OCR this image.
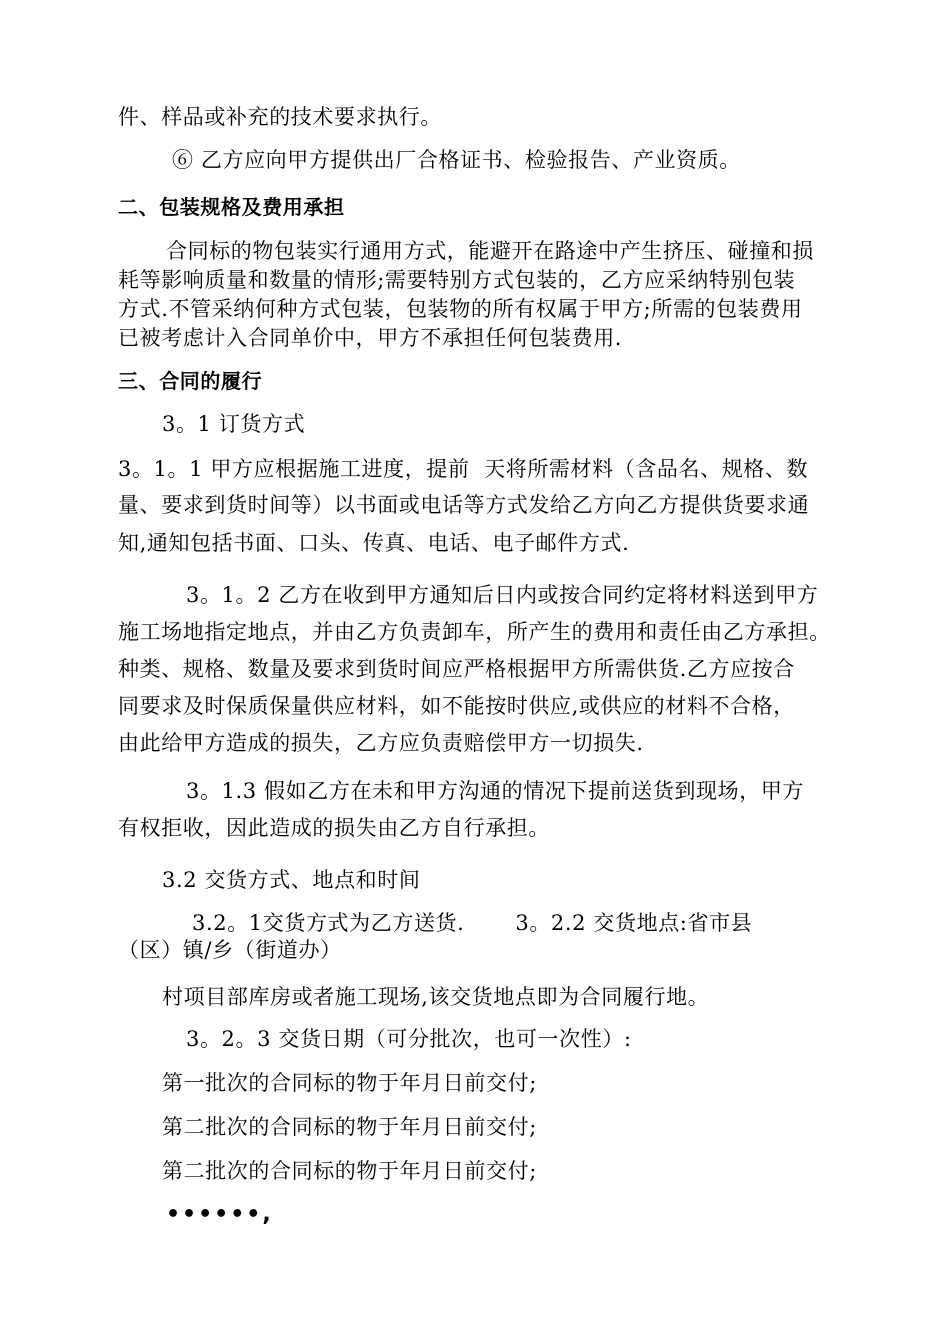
件、样品或补充的技术要求执行。
⑥ 乙方应向甲方提供出厂合格证书、检验报告、产业资质。
二、包装规格及费用承担
合同标的物包装实行通用方式，能避开在路途中产生挤压、碰撞和损
耗等影响质量和数量的情形;需要特别方式包装的，乙方应采纳特别包装
方式.不管采纳何种方式包装，包装物的所有权属于甲方;所需的包装费用
已被考虑计入合同单价中，甲方不承担任何包装费用.
三、合同的履行
3。1 订货方式
3。1。1 甲方应根据施工进度，提前  天将所需材料（含品名、规格、数
量、要求到货时间等）以书面或电话等方式发给乙方向乙方提供货要求通
知,通知包括书面、口头、传真、电话、电子邮件方式.
3。1。2 乙方在收到甲方通知后日内或按合同约定将材料送到甲方
施工场地指定地点，并由乙方负责卸车，所产生的费用和责任由乙方承担。
种类、规格、数量及要求到货时间应严格根据甲方所需供货.乙方应按合
同要求及时保质保量供应材料，如不能按时供应,或供应的材料不合格，
由此给甲方造成的损失，乙方应负责赔偿甲方一切损失.
3。1.3 假如乙方在未和甲方沟通的情况下提前送货到现场，甲方
有权拒收，因此造成的损失由乙方自行承担。
3.2 交货方式、地点和时间
3.2。1交货方式为乙方送货.       3。2.2 交货地点:省市县
（区）镇/乡（街道办）
村项目部库房或者施工现场,该交货地点即为合同履行地。
3。2。3 交货日期（可分批次，也可一次性）:
第一批次的合同标的物于年月日前交付;
第二批次的合同标的物于年月日前交付;
第二批次的合同标的物于年月日前交付;
••••••,
